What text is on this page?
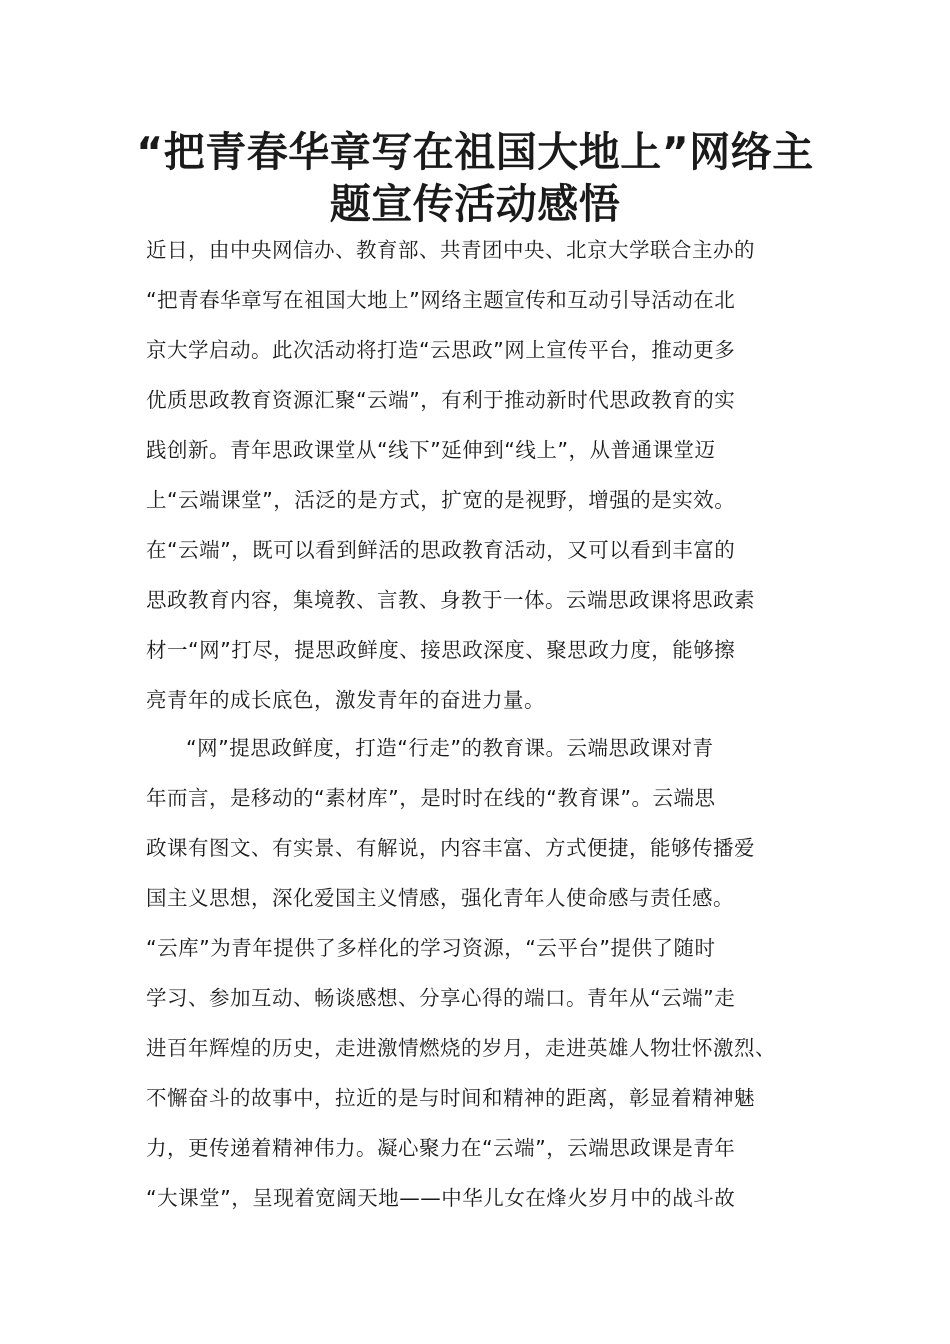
“把青春华章写在祖国大地上”网络主
题宣传活动感悟
近日，由中央网信办、教育部、共青团中央、北京大学联合主办的
“把青春华章写在祖国大地上”网络主题宣传和互动引导活动在北
京大学启动。此次活动将打造“云思政”网上宣传平台，推动更多
优质思政教育资源汇聚“云端”，有利于推动新时代思政教育的实
践创新。青年思政课堂从“线下”延伸到“线上”，从普通课堂迈
上“云端课堂”，活泛的是方式，扩宽的是视野，增强的是实效。
在“云端”，既可以看到鲜活的思政教育活动，又可以看到丰富的
思政教育内容，集境教、言教、身教于一体。云端思政课将思政素
材一“网”打尽，提思政鲜度、接思政深度、聚思政力度，能够擦
亮青年的成长底色，激发青年的奋进力量。
“网”提思政鲜度，打造“行走”的教育课。云端思政课对青
年而言，是移动的“素材库”，是时时在线的“教育课”。云端思
政课有图文、有实景、有解说，内容丰富、方式便捷，能够传播爱
国主义思想，深化爱国主义情感，强化青年人使命感与责任感。
“云库”为青年提供了多样化的学习资源，“云平台”提供了随时
学习、参加互动、畅谈感想、分享心得的端口。青年从“云端”走
进百年辉煌的历史，走进激情燃烧的岁月，走进英雄人物壮怀激烈、
不懈奋斗的故事中，拉近的是与时间和精神的距离，彰显着精神魅
力，更传递着精神伟力。凝心聚力在“云端”，云端思政课是青年
“大课堂”，呈现着宽阔天地——中华儿女在烽火岁月中的战斗故
